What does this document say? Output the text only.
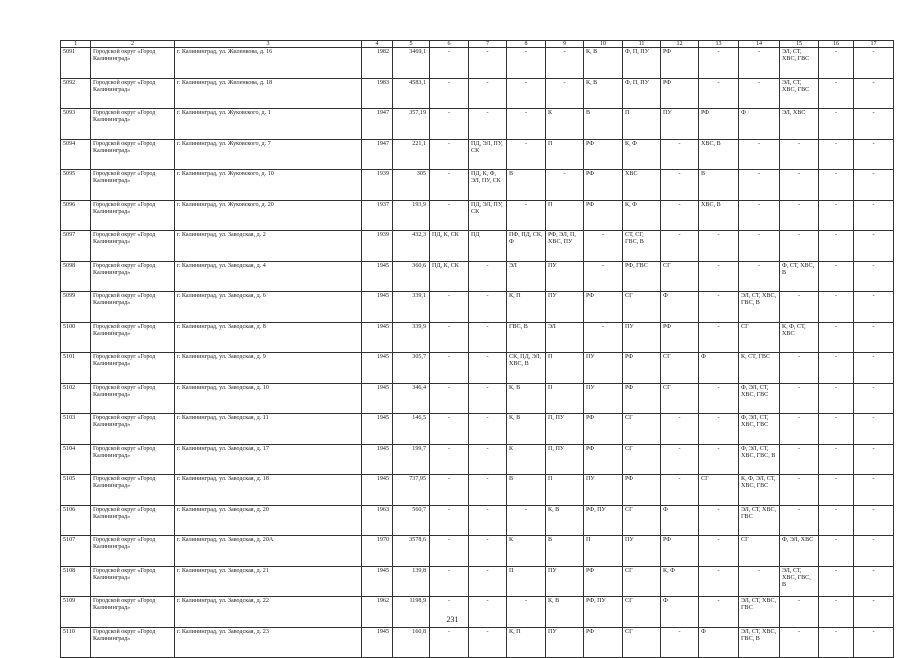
1	2	3	4	5	6	7	8	9	10	11	12	13	14	15	16	17
5091	Городской округ «Город Калининград»	г. Калининград, ул. Жиленкова, д. 16	1982	3469,1	-	-	-	-	К, В	Ф, П, ПУ	РФ	-	-	ЭЛ, СТ, ХВС, ГВС	-	-
5092	Городской округ «Город Калининград»	г. Калининград, ул. Жиленкова, д. 18	1983	4583,1	-	-	-	-	К, В	Ф, П, ПУ	РФ	-	-	ЭЛ, СТ, ХВС, ГВС	-	-
5093	Городской округ «Город Калининград»	г. Калининград, ул. Жуковского, д. 1	1947	357,19	-	-	-	К	В	П	ПУ	РФ	Ф	ЭЛ, ХВС	-	-
5094	Городской округ «Город Калининград»	г. Калининград, ул. Жуковского, д. 7	1947	221,1	-	ПД, ЭЛ, ПУ, СК	-	П	РФ	К, Ф	-	ХВС, В	-	-	-	-
5095	Городской округ «Город Калининград»	г. Калининград, ул. Жуковского, д. 10	1939	305	-	ПД, К, Ф, ЭЛ, ПУ, СК	В	-	РФ	ХВС	-	В	-	-	-	-
5096	Городской округ «Город Калининград»	г. Калининград, ул. Жуковского, д. 20	1937	193,9	-	ПД, ЭЛ, ПУ, СК	-	П	РФ	К, Ф	-	ХВС, В	-	-	-	-
5097	Городской округ «Город Калининград»	г. Калининград, ул. Заводская, д. 2	1939	432,3	ПД, К, СК	ПД	ПФ, ПД, СК, Ф	РФ, ЭЛ, П, ХВС, ПУ	-	СТ, СГ, ГВС, В	-	-	-	-	-	-
5098	Городской округ «Город Калининград»	г. Калининград, ул. Заводская, д. 4	1945	360,6	ПД, К, СК	-	ЭЛ	ПУ	-	РФ, ГВС	СГ	-	-	Ф, СТ, ХВС, В	-	-
5099	Городской округ «Город Калининград»	г. Калининград, ул. Заводская, д. 6	1945	339,1	-	-	К, П	ПУ	РФ	СГ	Ф	-	ЭЛ, СТ, ХВС, ГВС, В	-	-	-
5100	Городской округ «Город Калининград»	г. Калининград, ул. Заводская, д. 8	1945	339,9	-	-	ГВС, В	ЭЛ	-	ПУ	РФ	-	СГ	К, Ф, СТ, ХВС	-	-
5101	Городской округ «Город Калининград»	г. Калининград, ул. Заводская, д. 9	1945	305,7	-	-	СК, ПД, ЭЛ, ХВС, В	П	ПУ	РФ	СГ	Ф	К, СТ, ГВС	-	-	-
5102	Городской округ «Город Калининград»	г. Калининград, ул. Заводская, д. 10	1945	346,4	-	-	К, В	П	ПУ	РФ	СГ	-	Ф, ЭЛ, СТ, ХВС, ГВС	-	-	-
5103	Городской округ «Город Калининград»	г. Калининград, ул. Заводская, д. 11	1945	146,5	-	-	К, В	П, ПУ	РФ	СГ	-	-	Ф, ЭЛ, СТ, ХВС, ГВС	-	-	-
5104	Городской округ «Город Калининград»	г. Калининград, ул. Заводская, д. 17	1945	199,7	-	-	К	П, ПУ	РФ	СГ	-	-	Ф, ЭЛ, СТ, ХВС, ГВС, В	-	-	-
5105	Городской округ «Город Калининград»	г. Калининград, ул. Заводская, д. 18	1945	737,95	-	-	В	П	ПУ	РФ	-	СГ	К, Ф, ЭЛ, СТ, ХВС, ГВС	-	-	-
5106	Городской округ «Город Калининград»	г. Калининград, ул. Заводская, д. 20	1963	560,7	-	-	-	К, В	РФ, ПУ	СГ	Ф	-	ЭЛ, СТ, ХВС, ГВС	-	-	-
5107	Городской округ «Город Калининград»	г. Калининград, ул. Заводская, д. 20А	1970	3578,6	-	-	К	В	П	ПУ	РФ	-	СГ	Ф, ЭЛ, ХВС	-	-
5108	Городской округ «Город Калининград»	г. Калининград, ул. Заводская, д. 21	1945	139,8	-	-	П	ПУ	РФ	СГ	К, Ф	-	-	ЭЛ, СТ, ХВС, ГВС, В	-	-
5109	Городской округ «Город Калининград»	г. Калининград, ул. Заводская, д. 22	1962	1198,9	-	-	-	К, В	РФ, ПУ	СГ	Ф	-	ЭЛ, СТ, ХВС, ГВС	-	-	-
5110	Городской округ «Город Калининград»	г. Калининград, ул. Заводская, д. 23	1945	160,8	-	-	К, П	ПУ	РФ	СГ	-	Ф	ЭЛ, СТ, ХВС, ГВС, В	-	-	-
231
